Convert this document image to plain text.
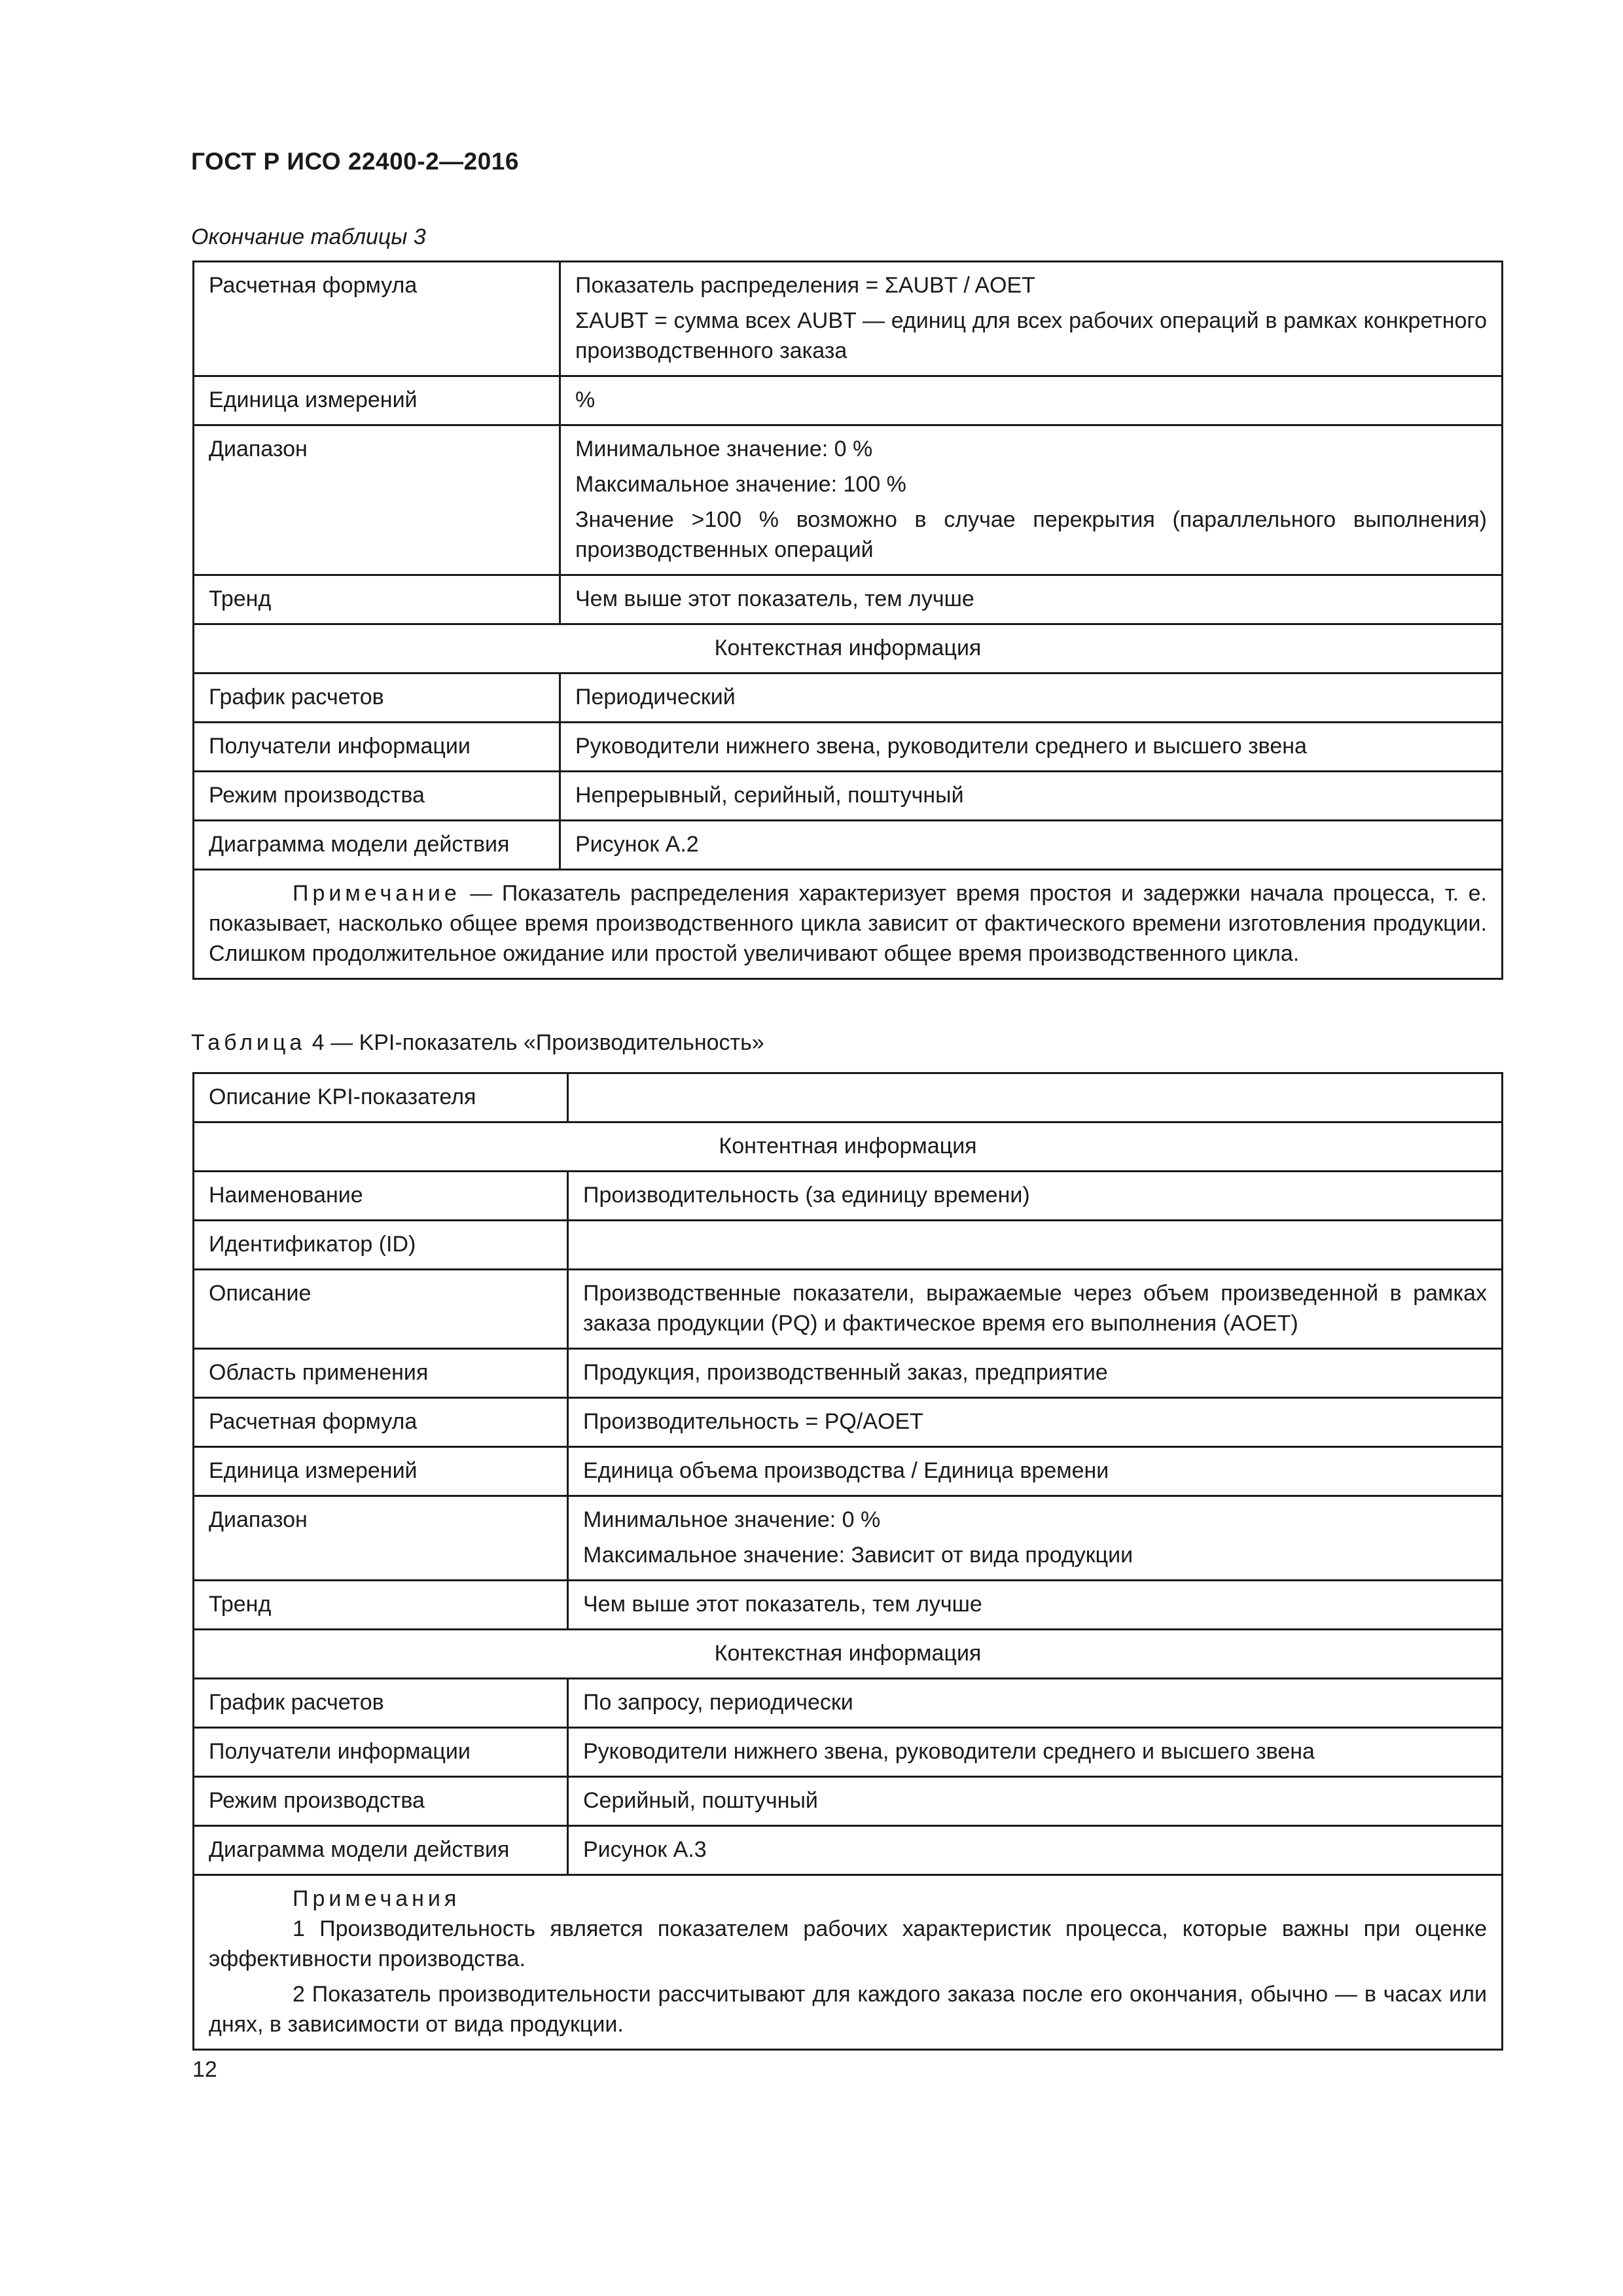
ГОСТ Р ИСО 22400-2—2016
Окончание таблицы 3
Расчетная формула	Показатель распределения = ΣAUBT / AOET
ΣAUBT = сумма всех AUBT — единиц для всех рабочих операций в рамках конкретного производственного заказа

Единица измерений	%
Диапазон	Минимальное значение: 0 %
Максимальное значение: 100 %
Значение >100 % возможно в случае перекрытия (параллельного выполнения) производственных операций

Тренд	Чем выше этот показатель, тем лучше
Контекстная информация	
График расчетов	Периодический
Получатели информации	Руководители нижнего звена, руководители среднего и высшего звена
Режим производства	Непрерывный, серийный, поштучный
Диаграмма модели действия	Рисунок А.2

Примечание — Показатель распределения характеризует время простоя и задержки начала процесса, т. е. показывает, насколько общее время производственного цикла зависит от фактического времени изготовления продукции. Слишком продолжительное ожидание или простой увеличивают общее время производственного цикла.	
Таблица 4 — KPI-показатель «Производительность»
Описание KPI-показателя	
Контентная информация	
Наименование	Производительность (за единицу времени)
Идентификатор (ID)	
Описание	Производственные показатели, выражаемые через объем произведенной в рамках заказа продукции (PQ) и фактическое время его выполнения (AOET)
Область применения	Продукция, производственный заказ, предприятие
Расчетная формула	Производительность = PQ/AOET
Единица измерений	Единица объема производства / Единица времени
Диапазон	Минимальное значение: 0 %
Максимальное значение: Зависит от вида продукции

Тренд	Чем выше этот показатель, тем лучше
Контекстная информация	
График расчетов	По запросу, периодически
Получатели информации	Руководители нижнего звена, руководители среднего и высшего звена
Режим производства	Серийный, поштучный
Диаграмма модели действия	Рисунок А.3

Примечания
1 Производительность является показателем рабочих характеристик процесса, которые важны при оценке эффективности производства.
2 Показатель производительности рассчитывают для каждого заказа после его окончания, обычно — в часах или днях, в зависимости от вида продукции.	
12
